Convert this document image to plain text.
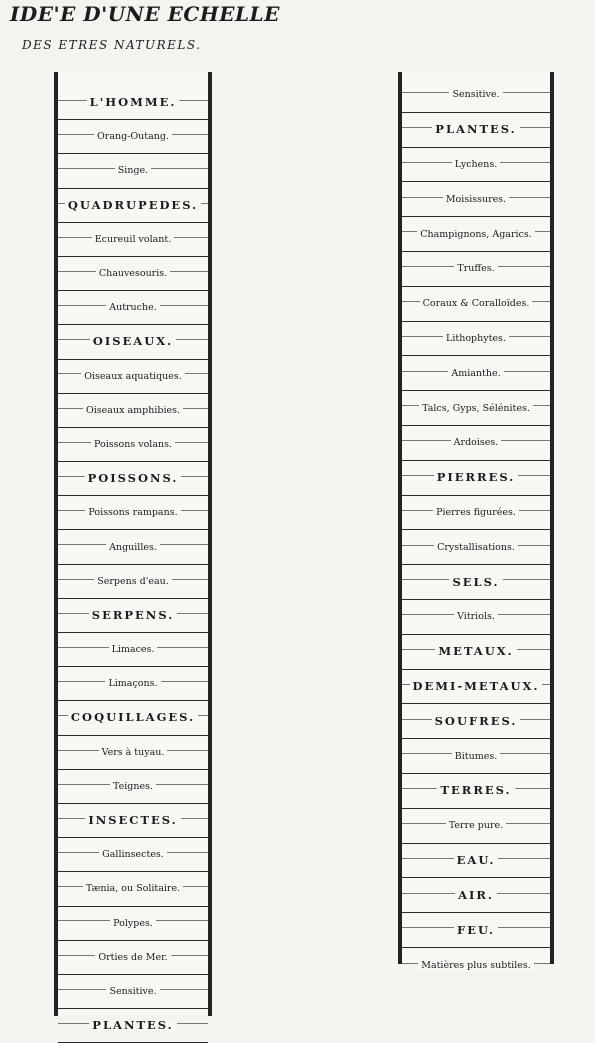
IDE'E D'UNE ECHELLE
DES ETRES NATURELS.
L'HOMME.
Orang-Outang.
Singe.
QUADRUPEDES.
Ecureuil volant.
Chauvesouris.
Autruche.
OISEAUX.
Oiseaux aquatiques.
Oiseaux amphibies.
Poissons volans.
POISSONS.
Poissons rampans.
Anguilles.
Serpens d'eau.
SERPENS.
Limaces.
Limaçons.
COQUILLAGES.
Vers à tuyau.
Teignes.
INSECTES.
Gallinsectes.
Tænia, ou Solitaire.
Polypes.
Orties de Mer.
Sensitive.
PLANTES.
Sensitive.
PLANTES.
Lychens.
Moisissures.
Champignons, Agarics.
Truffes.
Coraux & Coralloïdes.
Lithophytes.
Amianthe.
Talcs, Gyps, Sélénites.
Ardoises.
PIERRES.
Pierres figurées.
Crystallisations.
SELS.
Vitriols.
METAUX.
DEMI-METAUX.
SOUFRES.
Bitumes.
TERRES.
Terre pure.
EAU.
AIR.
FEU.
Matières plus subtiles.
